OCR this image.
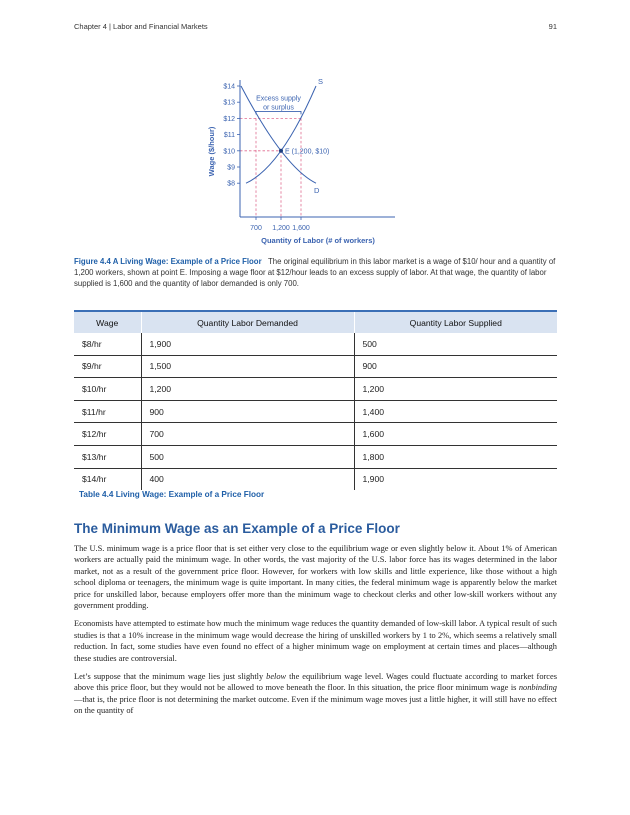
Chapter 4 | Labor and Financial Markets	91
$14
$13
$12
$11
$10
$9
$8
700 1,200 1,600
Wage ($/hour)
Quantity of Labor (# of workers)
S
D
E (1,200, $10)
Excess supply or surplus
Figure 4.4 A Living Wage: Example of a Price Floor The original equilibrium in this labor market is a wage of $10/ hour and a quantity of 1,200 workers, shown at point E. Imposing a wage floor at $12/hour leads to an excess supply of labor. At that wage, the quantity of labor supplied is 1,600 and the quantity of labor demanded is only 700.
Wage	Quantity Labor Demanded	Quantity Labor Supplied
$8/hr	1,900	500
$9/hr	1,500	900
$10/hr	1,200	1,200
$11/hr	900	1,400
$12/hr	700	1,600
$13/hr	500	1,800
$14/hr	400	1,900
Table 4.4 Living Wage: Example of a Price Floor
The Minimum Wage as an Example of a Price Floor

The U.S. minimum wage is a price floor that is set either very close to the equilibrium wage or even slightly below it. About 1% of American workers are actually paid the minimum wage. In other words, the vast majority of the U.S. labor force has its wages determined in the labor market, not as a result of the government price floor. However, for workers with low skills and little experience, like those without a high school diploma or teenagers, the minimum wage is quite important. In many cities, the federal minimum wage is apparently below the market price for unskilled labor, because employers offer more than the minimum wage to checkout clerks and other low-skill workers without any government prodding.

Economists have attempted to estimate how much the minimum wage reduces the quantity demanded of low-skill labor. A typical result of such studies is that a 10% increase in the minimum wage would decrease the hiring of unskilled workers by 1 to 2%, which seems a relatively small reduction. In fact, some studies have even found no effect of a higher minimum wage on employment at certain times and places—although these studies are controversial.

Let’s suppose that the minimum wage lies just slightly below the equilibrium wage level. Wages could fluctuate according to market forces above this price floor, but they would not be allowed to move beneath the floor. In this situation, the price floor minimum wage is nonbinding —that is, the price floor is not determining the market outcome. Even if the minimum wage moves just a little higher, it will still have no effect on the quantity of
